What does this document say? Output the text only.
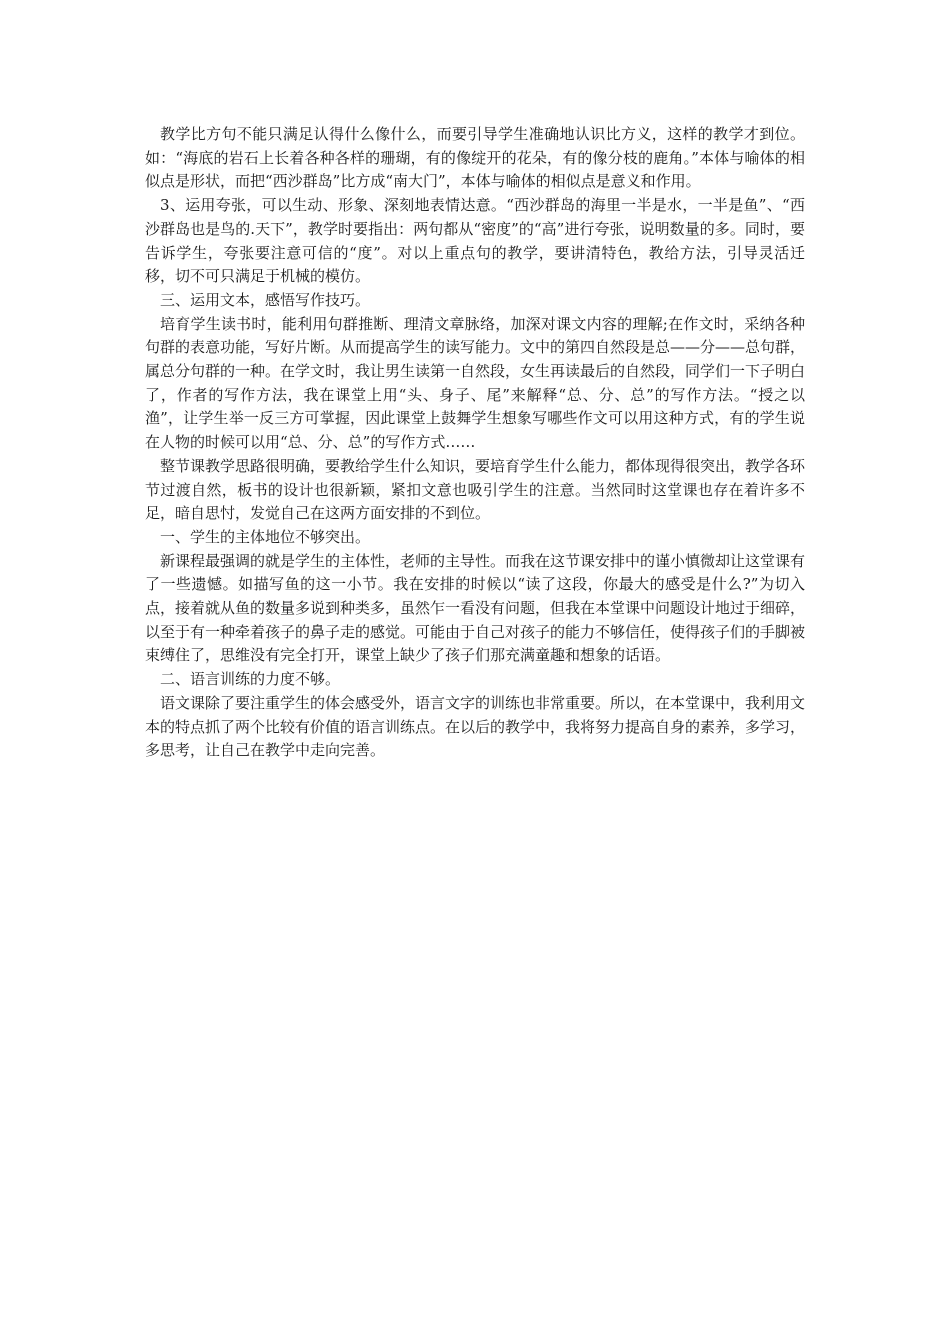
教学比方句不能只满足认得什么像什么，而要引导学生准确地认识比方义，这样的教学才到位。如：“海底的岩石上长着各种各样的珊瑚，有的像绽开的花朵，有的像分枝的鹿角。”本体与喻体的相似点是形状，而把“西沙群岛”比方成“南大门”，本体与喻体的相似点是意义和作用。

3、运用夸张，可以生动、形象、深刻地表情达意。“西沙群岛的海里一半是水，一半是鱼”、“西沙群岛也是鸟的.天下”，教学时要指出：两句都从“密度”的“高”进行夸张，说明数量的多。同时，要告诉学生，夸张要注意可信的“度”。对以上重点句的教学，要讲清特色，教给方法，引导灵活迁移，切不可只满足于机械的模仿。

三、运用文本，感悟写作技巧。

培育学生读书时，能利用句群推断、理清文章脉络，加深对课文内容的理解;在作文时，采纳各种句群的表意功能，写好片断。从而提高学生的读写能力。文中的第四自然段是总——分——总句群，属总分句群的一种。在学文时，我让男生读第一自然段，女生再读最后的自然段，同学们一下子明白了，作者的写作方法，我在课堂上用“头、身子、尾”来解释“总、分、总”的写作方法。“授之以渔”，让学生举一反三方可掌握，因此课堂上鼓舞学生想象写哪些作文可以用这种方式，有的学生说在人物的时候可以用“总、分、总”的写作方式……

整节课教学思路很明确，要教给学生什么知识，要培育学生什么能力，都体现得很突出，教学各环节过渡自然，板书的设计也很新颖，紧扣文意也吸引学生的注意。当然同时这堂课也存在着许多不足，暗自思忖，发觉自己在这两方面安排的不到位。

一、学生的主体地位不够突出。

新课程最强调的就是学生的主体性，老师的主导性。而我在这节课安排中的谨小慎微却让这堂课有了一些遗憾。如描写鱼的这一小节。我在安排的时候以“读了这段，你最大的感受是什么?”为切入点，接着就从鱼的数量多说到种类多，虽然乍一看没有问题，但我在本堂课中问题设计地过于细碎，以至于有一种牵着孩子的鼻子走的感觉。可能由于自己对孩子的能力不够信任，使得孩子们的手脚被束缚住了，思维没有完全打开，课堂上缺少了孩子们那充满童趣和想象的话语。

二、语言训练的力度不够。

语文课除了要注重学生的体会感受外，语言文字的训练也非常重要。所以，在本堂课中，我利用文本的特点抓了两个比较有价值的语言训练点。在以后的教学中，我将努力提高自身的素养，多学习，多思考，让自己在教学中走向完善。
